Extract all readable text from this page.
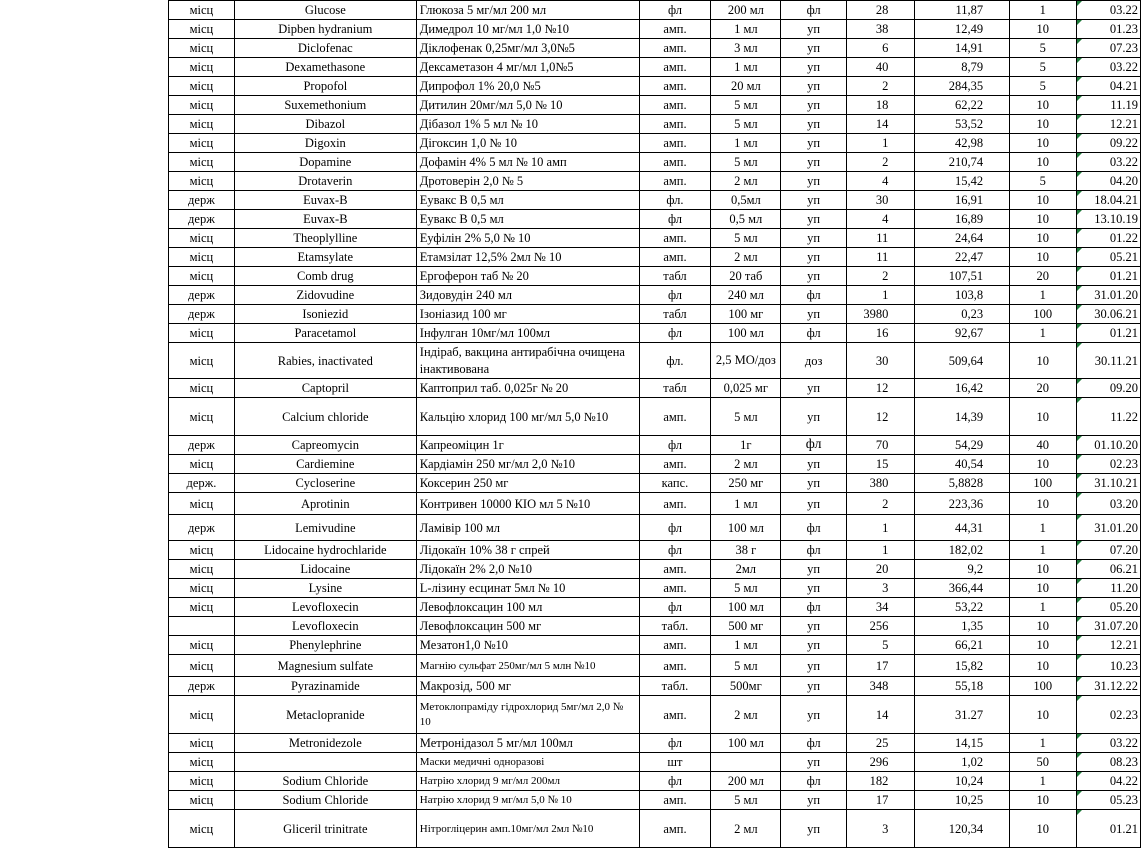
місц	Glucose	Глюкоза 5 мг/мл 200 мл	фл	200 мл	фл	28	11,87	1	03.22
місц	Dipben hydranium	Димедрол 10 мг/мл 1,0 №10	амп.	1 мл	уп	38	12,49	10	01.23
місц	Diclofenac	Діклофенак 0,25мг/мл 3,0№5	амп.	3 мл	уп	6	14,91	5	07.23
місц	Dexamethasone	Дексаметазон 4 мг/мл 1,0№5	амп.	1 мл	уп	40	8,79	5	03.22
місц	Propofol	Дипрофол 1% 20,0 №5	амп.	20 мл	уп	2	284,35	5	04.21
місц	Suxemethonium	Дитилин 20мг/мл 5,0 № 10	амп.	5 мл	уп	18	62,22	10	11.19
місц	Dibazol	Дібазол 1% 5 мл № 10	амп.	5 мл	уп	14	53,52	10	12.21
місц	Digoxin	Дігоксин 1,0 № 10	амп.	1 мл	уп	1	42,98	10	09.22
місц	Dopamine	Дофамін 4% 5 мл № 10 амп	амп.	5 мл	уп	2	210,74	10	03.22
місц	Drotaverin	Дротоверін 2,0 № 5	амп.	2 мл	уп	4	15,42	5	04.20
держ	Euvax-B	Еувакс В 0,5 мл	фл.	0,5мл	уп	30	16,91	10	18.04.21
держ	Euvax-B	Еувакс В 0,5 мл	фл	0,5 мл	уп	4	16,89	10	13.10.19
місц	Theoplylline	Еуфілін 2% 5,0 № 10	амп.	5 мл	уп	11	24,64	10	01.22
місц	Etamsylate	Етамзілат 12,5% 2мл № 10	амп.	2 мл	уп	11	22,47	10	05.21
місц	Comb drug	Ергоферон таб № 20	табл	20 таб	уп	2	107,51	20	01.21
держ	Zidovudine	Зидовудін 240 мл	фл	240 мл	фл	1	103,8	1	31.01.20
держ	Isoniezid	Ізоніазид 100 мг	табл	100 мг	уп	3980	0,23	100	30.06.21
місц	Paracetamol	Інфулган 10мг/мл 100мл	фл	100 мл	фл	16	92,67	1	01.21
місц	Rabies, inactivated	Індіраб, вакцина антирабічна очищена інактивована	фл.	2,5 МО/доз	доз	30	509,64	10	30.11.21
місц	Captopril	Каптоприл таб. 0,025г № 20	табл	0,025 мг	уп	12	16,42	20	09.20
місц	Calcium chloride	Кальцію хлорид 100 мг/мл 5,0 №10	амп.	5 мл	уп	12	14,39	10	11.22
держ	Capreomycin	Капреоміцин 1г	фл	1г	фл	70	54,29	40	01.10.20
місц	Cardiemine	Кардіамін 250 мг/мл 2,0 №10	амп.	2 мл	уп	15	40,54	10	02.23
держ.	Cycloserine	Коксерин 250 мг	капс.	250 мг	уп	380	5,8828	100	31.10.21
місц	Aprotinin	Контривен 10000 КІО мл 5 №10	амп.	1 мл	уп	2	223,36	10	03.20
держ	Lemivudine	Ламівір 100 мл	фл	100 мл	фл	1	44,31	1	31.01.20
місц	Lidocaine hydrochlaride	Лідокаїн 10% 38 г спрей	фл	38 г	фл	1	182,02	1	07.20
місц	Lidocaine	Лідокаїн 2% 2,0 №10	амп.	2мл	уп	20	9,2	10	06.21
місц	Lysine	L-лізину есцинат 5мл № 10	амп.	5 мл	уп	3	366,44	10	11.20
місц	Levofloxecin	Левофлоксацин 100 мл	фл	100 мл	фл	34	53,22	1	05.20
	Levofloxecin	Левофлоксацин 500 мг	табл.	500 мг	уп	256	1,35	10	31.07.20
місц	Phenylephrine	Мезатон1,0 №10	амп.	1 мл	уп	5	66,21	10	12.21
місц	Magnesium sulfate	Магнію сульфат 250мг/мл 5 млн №10	амп.	5 мл	уп	17	15,82	10	10.23
держ	Pyrazinamide	Макрозід, 500 мг	табл.	500мг	уп	348	55,18	100	31.12.22
місц	Metaclopranide	Метоклопраміду гідрохлорид 5мг/мл 2,0 № 10	амп.	2 мл	уп	14	31.27	10	02.23
місц	Metronidezole	Метронідазол 5 мг/мл 100мл	фл	100 мл	фл	25	14,15	1	03.22
місц		Маски медичні одноразові	шт		уп	296	1,02	50	08.23
місц	Sodium Chloride	Натрію хлорид 9 мг/мл 200мл	фл	200 мл	фл	182	10,24	1	04.22
місц	Sodium Chloride	Натрію хлорид 9 мг/мл 5,0 № 10	амп.	5 мл	уп	17	10,25	10	05.23
місц	Gliceril trinitrate	Нітрогліцерин амп.10мг/мл 2мл №10	амп.	2 мл	уп	3	120,34	10	01.21
